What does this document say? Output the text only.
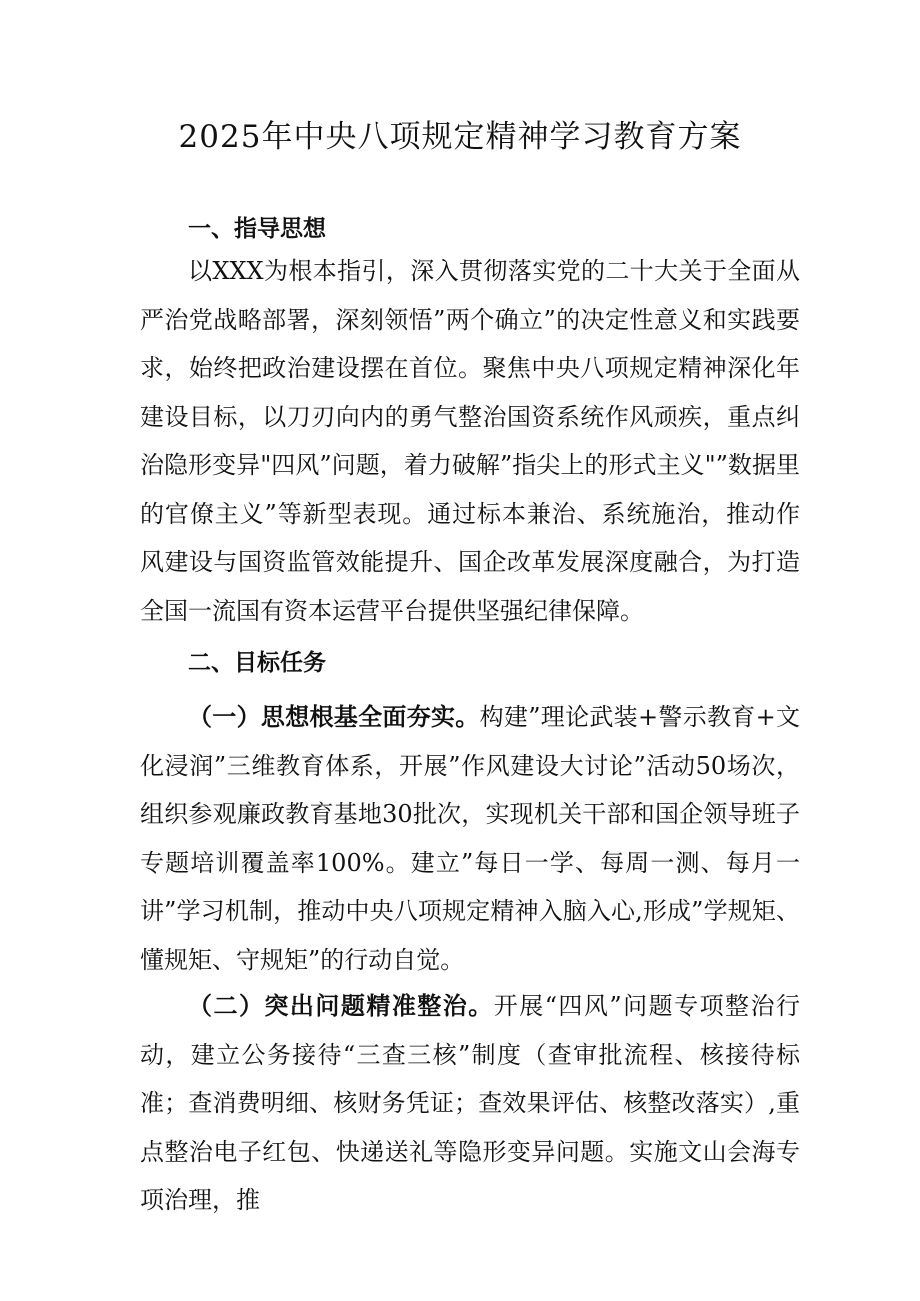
2025年中央八项规定精神学习教育方案
一、指导思想

以XXX为根本指引，深入贯彻落实党的二十大关于全面从严治党战略部署，深刻领悟”两个确立”的决定性意义和实践要求，始终把政治建设摆在首位。聚焦中央八项规定精神深化年建设目标，以刀刃向内的勇气整治国资系统作风顽疾，重点纠治隐形变异"四风”问题，着力破解”指尖上的形式主义"”数据里的官僚主义”等新型表现。通过标本兼治、系统施治，推动作风建设与国资监管效能提升、国企改革发展深度融合，为打造全国一流国有资本运营平台提供坚强纪律保障。

二、目标任务

（一）思想根基全面夯实。构建”理论武装+警示教育+文化浸润”三维教育体系，开展”作风建设大讨论”活动50场次，组织参观廉政教育基地30批次，实现机关干部和国企领导班子专题培训覆盖率100%。建立”每日一学、每周一测、每月一讲”学习机制，推动中央八项规定精神入脑入心,形成”学规矩、懂规矩、守规矩”的行动自觉。

（二）突出问题精准整治。开展“四风”问题专项整治行动，建立公务接待“三查三核”制度（查审批流程、核接待标准；查消费明细、核财务凭证；查效果评估、核整改落实）,重点整治电子红包、快递送礼等隐形变异问题。实施文山会海专项治理，推
